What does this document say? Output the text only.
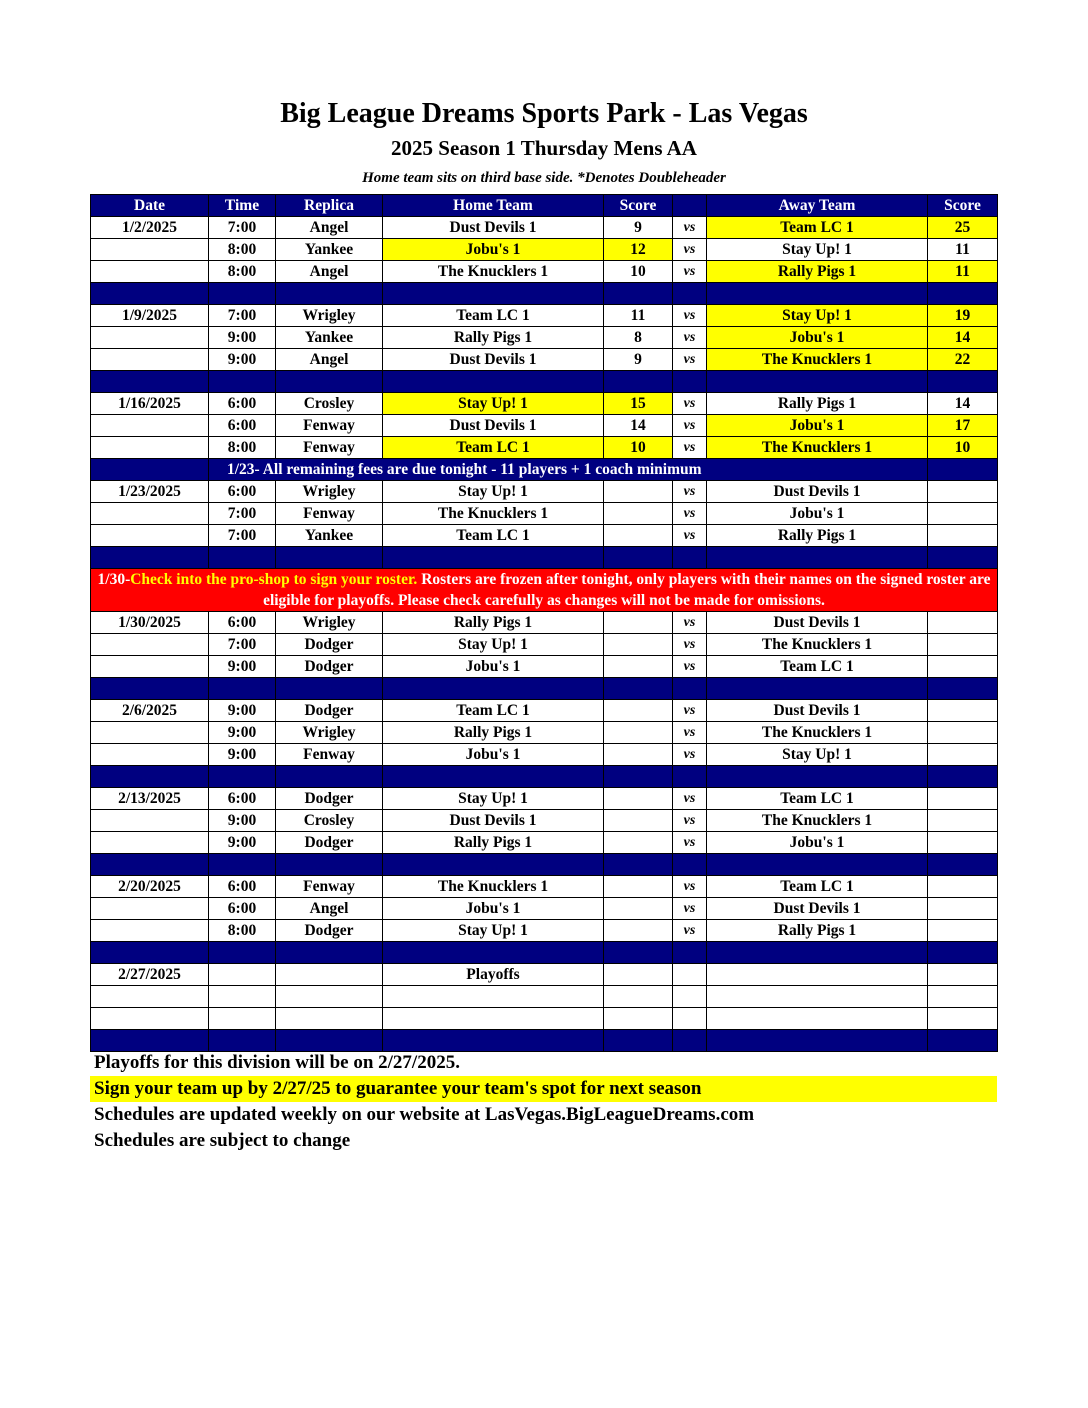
Big League Dreams Sports Park - Las Vegas
2025 Season 1 Thursday Mens AA
Home team sits on third base side. *Denotes Doubleheader
Date	Time	Replica	Home Team	Score		Away Team	Score
1/2/2025	7:00	Angel	Dust Devils 1	9	vs	Team LC 1	25
	8:00	Yankee	Jobu's 1	12	vs	Stay Up! 1	11
	8:00	Angel	The Knucklers 1	10	vs	Rally Pigs 1	11

1/9/2025	7:00	Wrigley	Team LC 1	11	vs	Stay Up! 1	19
	9:00	Yankee	Rally Pigs 1	8	vs	Jobu's 1	14
	9:00	Angel	Dust Devils 1	9	vs	The Knucklers 1	22

1/16/2025	6:00	Crosley	Stay Up! 1	15	vs	Rally Pigs 1	14
	6:00	Fenway	Dust Devils 1	14	vs	Jobu's 1	17
	8:00	Fenway	Team LC 1	10	vs	The Knucklers 1	10
	1/23- All remaining fees are due tonight - 11 players + 1 coach minimum						
1/23/2025	6:00	Wrigley	Stay Up! 1		vs	Dust Devils 1	
	7:00	Fenway	The Knucklers 1		vs	Jobu's 1	
	7:00	Yankee	Team LC 1		vs	Rally Pigs 1	

1/30-Check into the pro-shop to sign your roster. Rosters are frozen after tonight, only players with their names on the signed roster are eligible for playoffs. Please check carefully as changes will not be made for omissions.							
1/30/2025	6:00	Wrigley	Rally Pigs 1		vs	Dust Devils 1	
	7:00	Dodger	Stay Up! 1		vs	The Knucklers 1	
	9:00	Dodger	Jobu's 1		vs	Team LC 1	

2/6/2025	9:00	Dodger	Team LC 1		vs	Dust Devils 1	
	9:00	Wrigley	Rally Pigs 1		vs	The Knucklers 1	
	9:00	Fenway	Jobu's 1		vs	Stay Up! 1	

2/13/2025	6:00	Dodger	Stay Up! 1		vs	Team LC 1	
	9:00	Crosley	Dust Devils 1		vs	The Knucklers 1	
	9:00	Dodger	Rally Pigs 1		vs	Jobu's 1	

2/20/2025	6:00	Fenway	The Knucklers 1		vs	Team LC 1	
	6:00	Angel	Jobu's 1		vs	Dust Devils 1	
	8:00	Dodger	Stay Up! 1		vs	Rally Pigs 1	

2/27/2025			Playoffs				

Playoffs for this division will be on 2/27/2025.
Sign your team up by 2/27/25 to guarantee your team's spot for next season
Schedules are updated weekly on our website at LasVegas.BigLeagueDreams.com
Schedules are subject to change
